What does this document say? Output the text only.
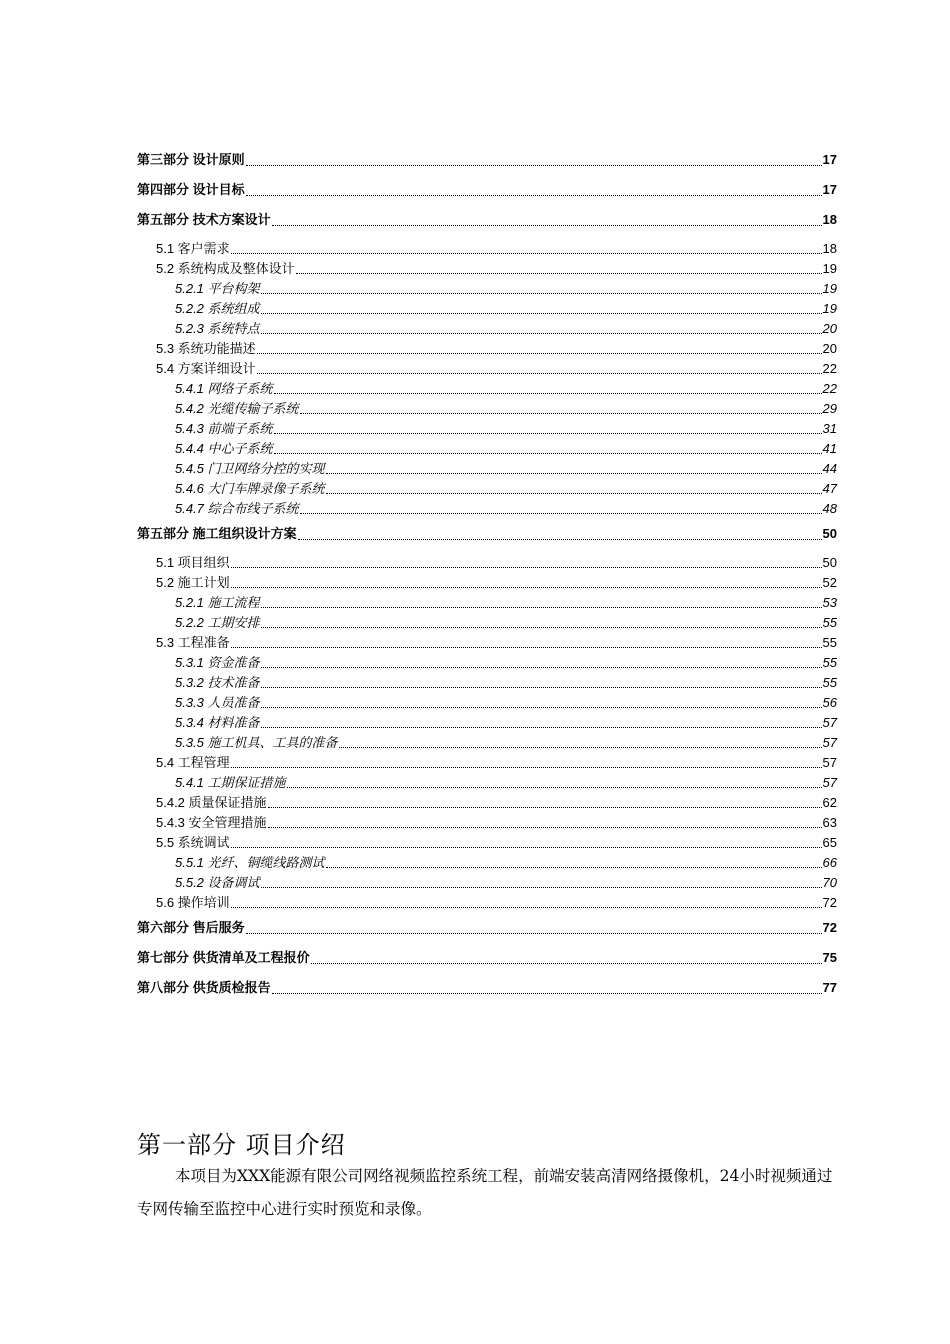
第三部分 设计原则	17
第四部分 设计目标	17
第五部分 技术方案设计	18
5.1 客户需求	18
5.2 系统构成及整体设计	19
5.2.1 平台构架	19
5.2.2 系统组成	19
5.2.3 系统特点	20
5.3 系统功能描述	20
5.4 方案详细设计	22
5.4.1 网络子系统	22
5.4.2 光缆传输子系统	29
5.4.3 前端子系统	31
5.4.4 中心子系统	41
5.4.5 门卫网络分控的实现	44
5.4.6 大门车牌录像子系统	47
5.4.7 综合布线子系统	48
第五部分 施工组织设计方案	50
5.1 项目组织	50
5.2 施工计划	52
5.2.1 施工流程	53
5.2.2 工期安排	55
5.3 工程准备	55
5.3.1 资金准备	55
5.3.2 技术准备	55
5.3.3 人员准备	56
5.3.4 材料准备	57
5.3.5 施工机具、工具的准备	57
5.4 工程管理	57
5.4.1 工期保证措施	57
5.4.2 质量保证措施	62
5.4.3 安全管理措施	63
5.5 系统调试	65
5.5.1 光纤、铜缆线路测试	66
5.5.2 设备调试	70
5.6 操作培训	72
第六部分 售后服务	72
第七部分 供货清单及工程报价	75
第八部分 供货质检报告	77
第一部分 项目介绍

本项目为XXX能源有限公司网络视频监控系统工程，前端安装高清网络摄像机，24小时视频通过专网传输至监控中心进行实时预览和录像。
